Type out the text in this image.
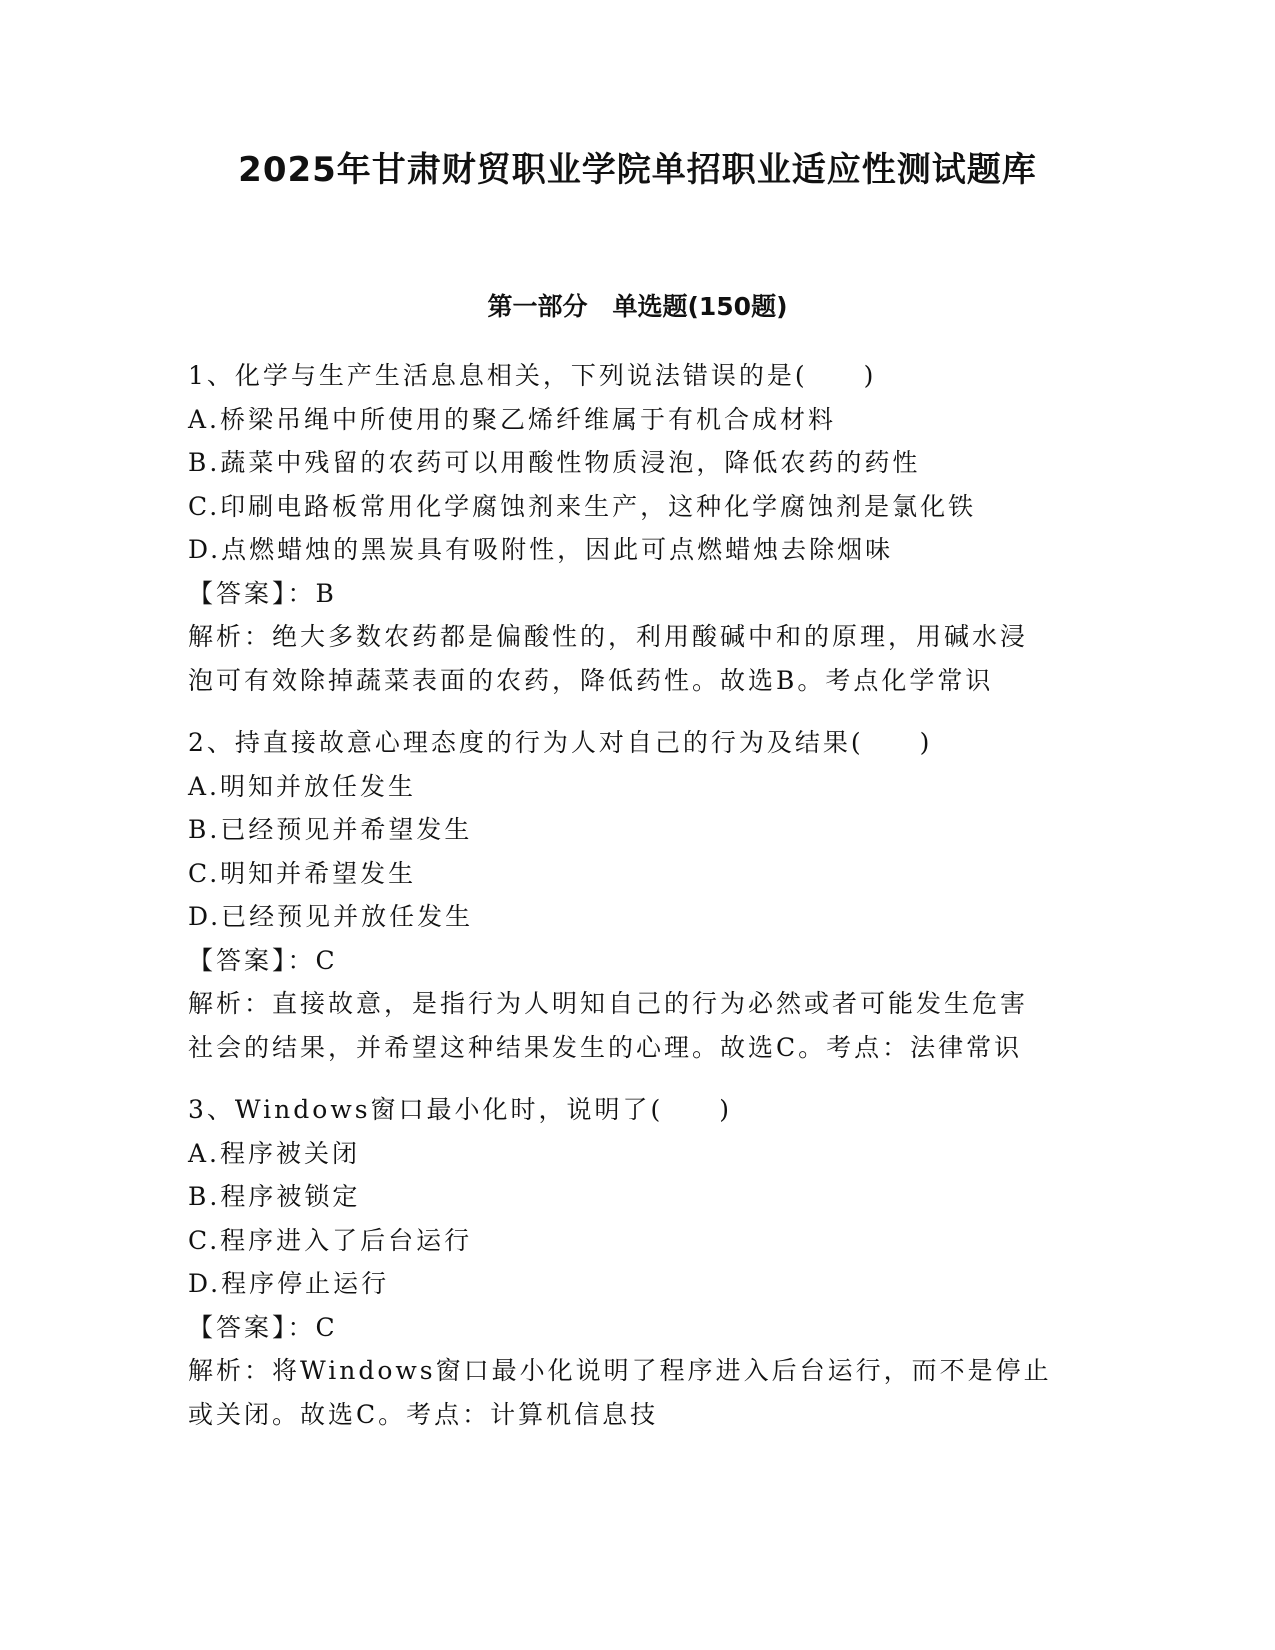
2025年甘肃财贸职业学院单招职业适应性测试题库
第一部分　单选题(150题)
1、化学与生产生活息息相关，下列说法错误的是(　　)
A.桥梁吊绳中所使用的聚乙烯纤维属于有机合成材料
B.蔬菜中残留的农药可以用酸性物质浸泡，降低农药的药性
C.印刷电路板常用化学腐蚀剂来生产，这种化学腐蚀剂是氯化铁
D.点燃蜡烛的黑炭具有吸附性，因此可点燃蜡烛去除烟味
【答案】：B
解析：绝大多数农药都是偏酸性的，利用酸碱中和的原理，用碱水浸
泡可有效除掉蔬菜表面的农药，降低药性。故选B。考点化学常识
2、持直接故意心理态度的行为人对自己的行为及结果(　　)
A.明知并放任发生
B.已经预见并希望发生
C.明知并希望发生
D.已经预见并放任发生
【答案】：C
解析：直接故意，是指行为人明知自己的行为必然或者可能发生危害
社会的结果，并希望这种结果发生的心理。故选C。考点：法律常识
3、Windows窗口最小化时，说明了(　　)
A.程序被关闭
B.程序被锁定
C.程序进入了后台运行
D.程序停止运行
【答案】：C
解析：将Windows窗口最小化说明了程序进入后台运行，而不是停止
或关闭。故选C。考点：计算机信息技
